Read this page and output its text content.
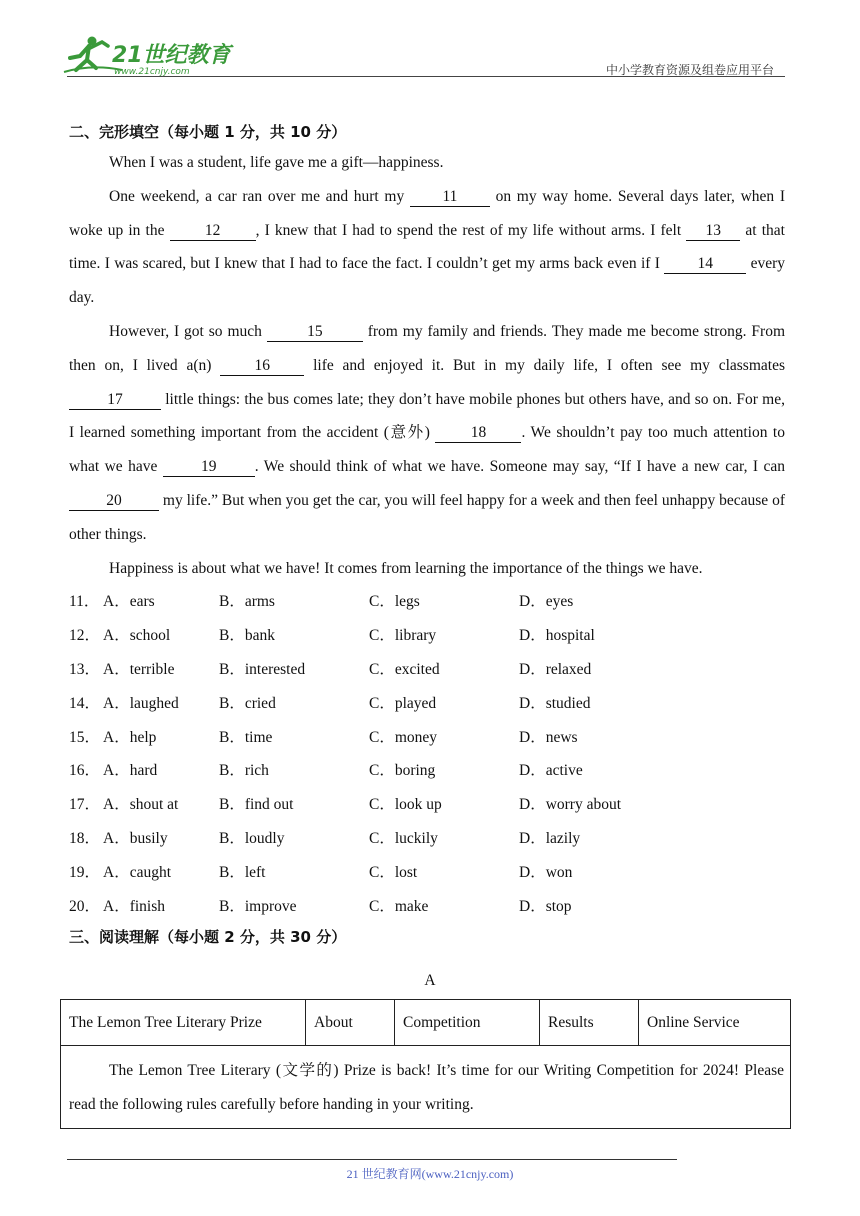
21世纪教育
www.21cnjy.com	中小学教育资源及组卷应用平台
二、完形填空（每小题 1 分，共 10 分）

When I was a student, life gave me a gift—happiness.

One weekend, a car ran over me and hurt my 11 on my way home. Several days later, when I woke up in the 12 , I knew that I had to spend the rest of my life without arms. I felt 13 at that time. I was scared, but I knew that I had to face the fact. I couldn’t get my arms back even if I 14 every day.

However, I got so much	15	from my family and friends. They made me become strong. From then on, I lived a(n) 16 life and enjoyed it. But in my daily life, I often see my classmates 17 little things: the bus comes late; they don’t have mobile phones but others have, and so on. For me, I learned something important from the accident (意外) 18 . We shouldn’t pay too much attention to what we have 19 . We should think of what we have. Someone may say, “If I have a new car, I can 20 my life.” But when you get the car, you will feel happy for a week and then feel unhappy because of other things.

Happiness is about what we have! It comes from learning the importance of the things we have.

11． A．ears	B．arms	C．legs	D．eyes
12． A．school	B．bank	C．library	D．hospital
13． A．terrible	B．interested	C．excited	D．relaxed
14． A．laughed	B．cried	C．played	D．studied
15． A．help	B．time	C．money	D．news
16． A．hard	B．rich	C．boring	D．active
17． A．shout at	B．find out	C．look up	D．worry about
18． A．busily	B．loudly	C．luckily	D．lazily
19． A．caught	B．left	C．lost	D．won
20． A．finish	B．improve	C．make	D．stop
三、阅读理解（每小题 2 分，共 30 分）
A
The Lemon Tree Literary Prize	About	Competition	Results	Online Service
The Lemon Tree Literary (文学的) Prize is back! It’s time for our Writing Competition for 2024! Please read the following rules carefully before handing in your writing.
21 世纪教育网(www.21cnjy.com)
